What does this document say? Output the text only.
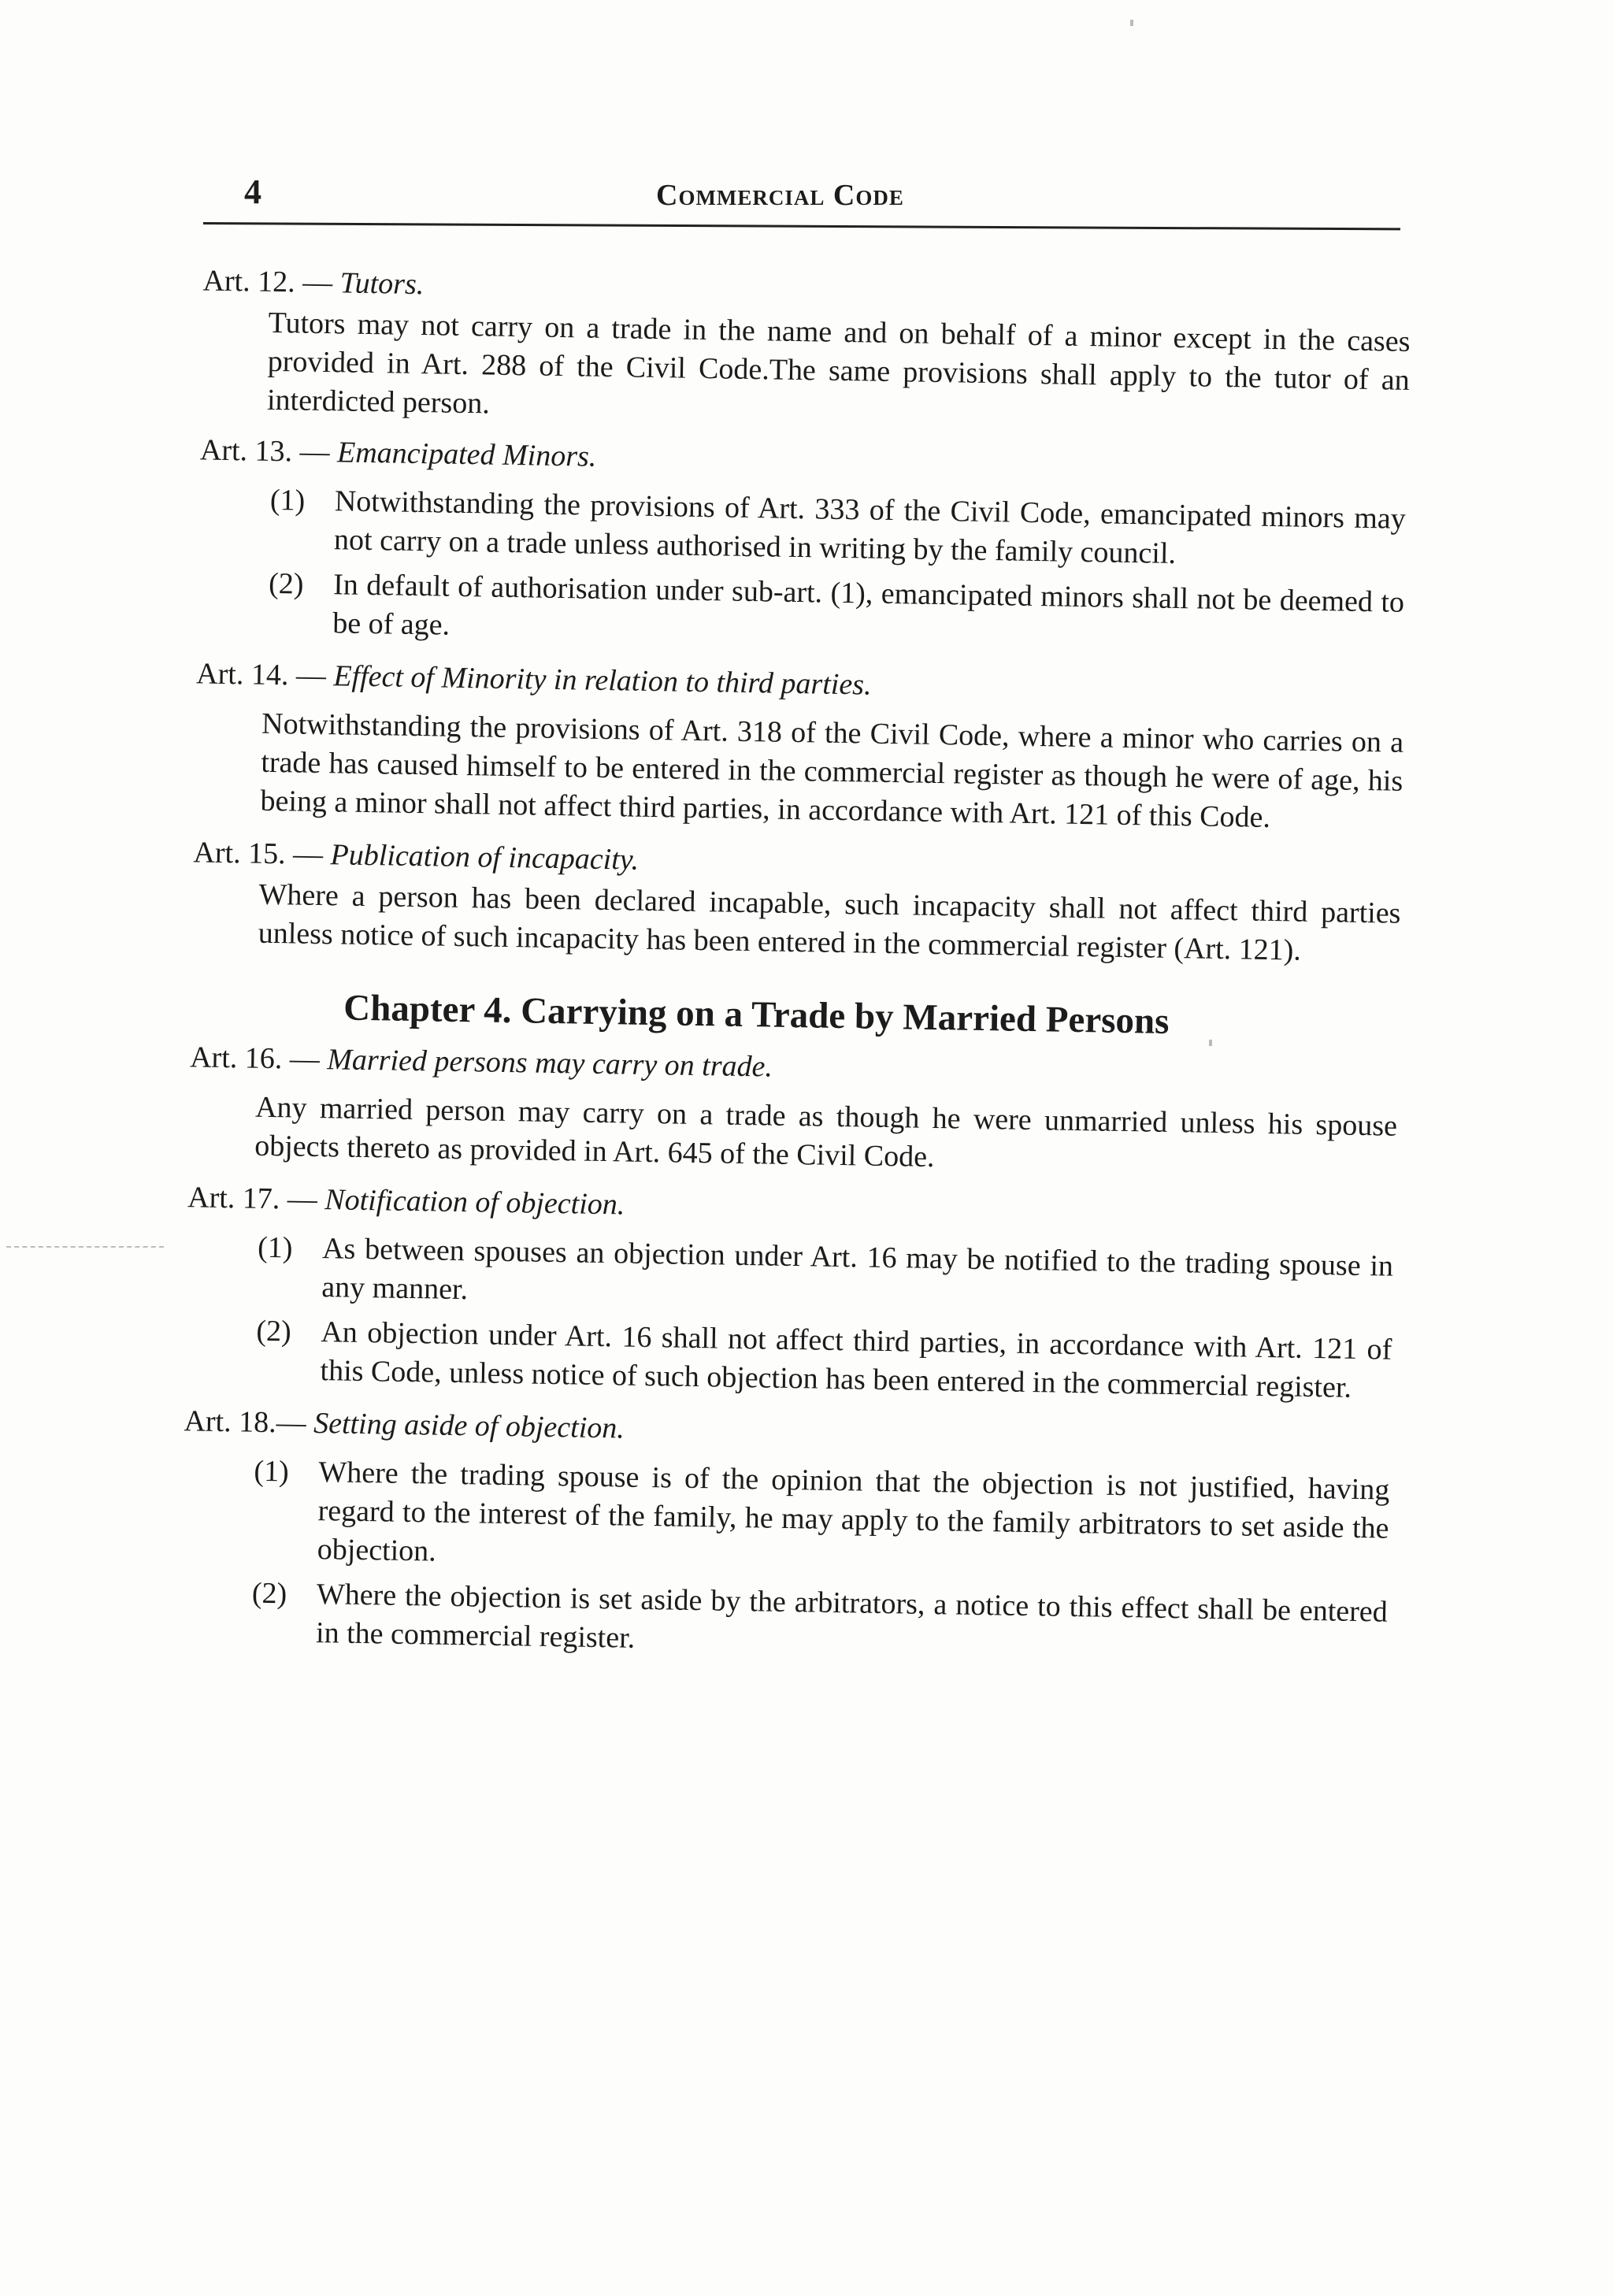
4	Commercial Code

Art. 12. — Tutors.

Tutors may not carry on a trade in the name and on behalf of a minor except in the cases provided in Art. 288 of the Civil Code.The same provisions shall apply to the tutor of an interdicted person.

Art. 13. — Emancipated Minors.

(1) Notwithstanding the provisions of Art. 333 of the Civil Code, emancipated minors may not carry on a trade unless authorised in writing by the family council.
(2) In default of authorisation under sub-art. (1), emancipated minors shall not be deemed to be of age.

Art. 14. — Effect of Minority in relation to third parties.

Notwithstanding the provisions of Art. 318 of the Civil Code, where a minor who carries on a trade has caused himself to be entered in the commercial register as though he were of age, his being a minor shall not affect third parties, in accordance with Art. 121 of this Code.

Art. 15. — Publication of incapacity.

Where a person has been declared incapable, such incapacity shall not affect third parties unless notice of such incapacity has been entered in the commercial register (Art. 121).

Chapter 4. Carrying on a Trade by Married Persons

Art. 16. — Married persons may carry on trade.

Any married person may carry on a trade as though he were unmarried unless his spouse objects thereto as provided in Art. 645 of the Civil Code.

Art. 17. — Notification of objection.

(1) As between spouses an objection under Art. 16 may be notified to the trading spouse in any manner.
(2) An objection under Art. 16 shall not affect third parties, in accordance with Art. 121 of this Code, unless notice of such objection has been entered in the commercial register.

Art. 18.— Setting aside of objection.

(1) Where the trading spouse is of the opinion that the objection is not justified, having regard to the interest of the family, he may apply to the family arbitrators to set aside the objection.
(2) Where the objection is set aside by the arbitrators, a notice to this effect shall be entered in the commercial register.
